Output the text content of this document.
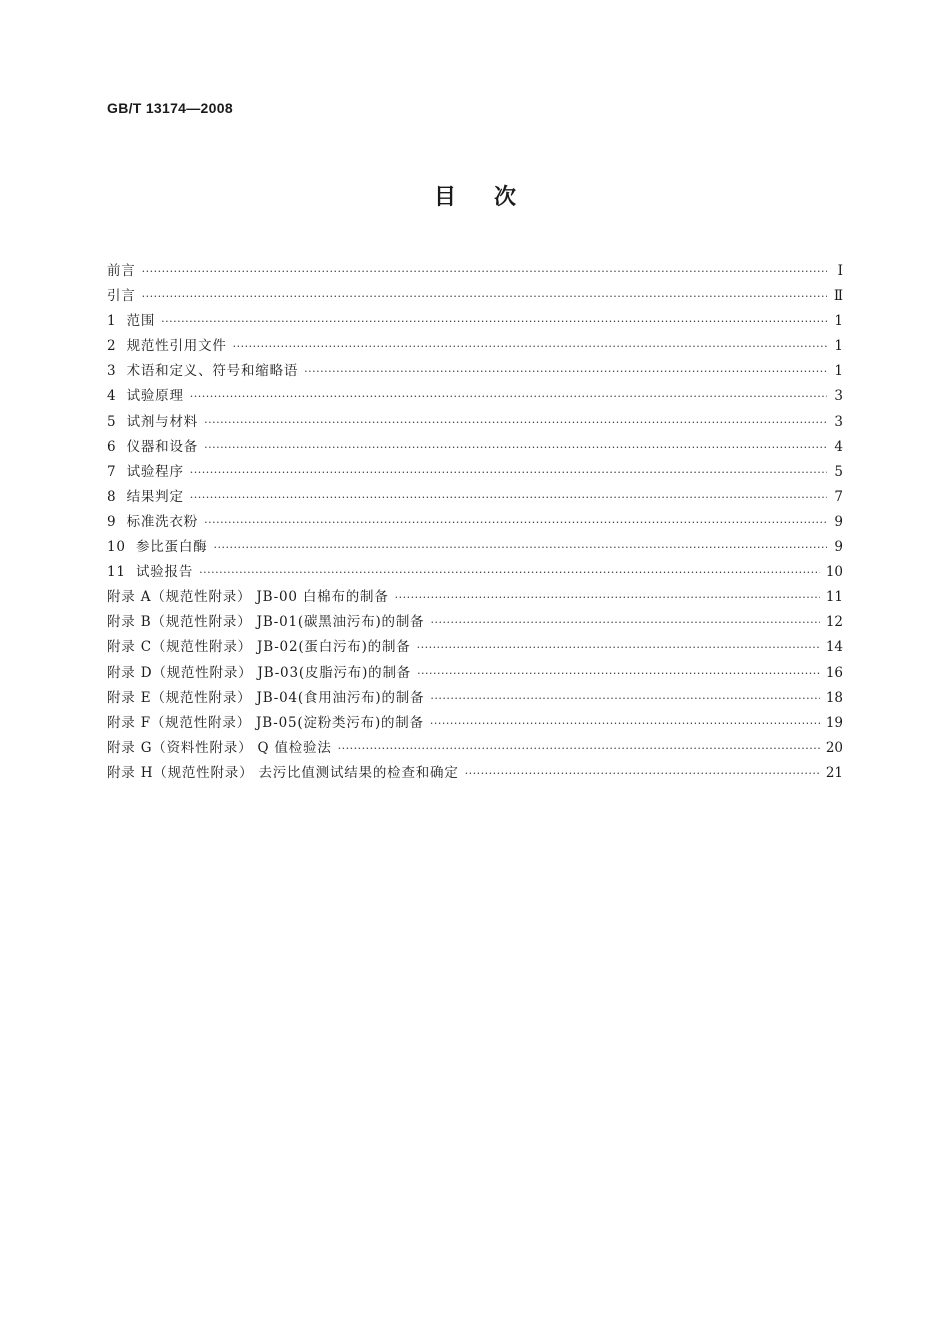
GB/T 13174—2008
目次
前言 ·····	Ⅰ
引言 ·····	Ⅱ
1  范围 ·····	1
2  规范性引用文件 ·····	1
3  术语和定义、符号和缩略语 ·····	1
4  试验原理 ·····	3
5  试剂与材料 ·····	3
6  仪器和设备 ·····	4
7  试验程序 ·····	5
8  结果判定 ·····	7
9  标准洗衣粉 ·····	9
10  参比蛋白酶 ·····	9
11  试验报告 ·····	10
附录 A（规范性附录） JB-00 白棉布的制备 ·····	11
附录 B（规范性附录） JB-01(碳黑油污布)的制备 ·····	12
附录 C（规范性附录） JB-02(蛋白污布)的制备 ·····	14
附录 D（规范性附录） JB-03(皮脂污布)的制备 ·····	16
附录 E（规范性附录） JB-04(食用油污布)的制备 ·····	18
附录 F（规范性附录） JB-05(淀粉类污布)的制备 ·····	19
附录 G（资料性附录） Q 值检验法 ·····	20
附录 H（规范性附录） 去污比值测试结果的检查和确定 ·····	21
